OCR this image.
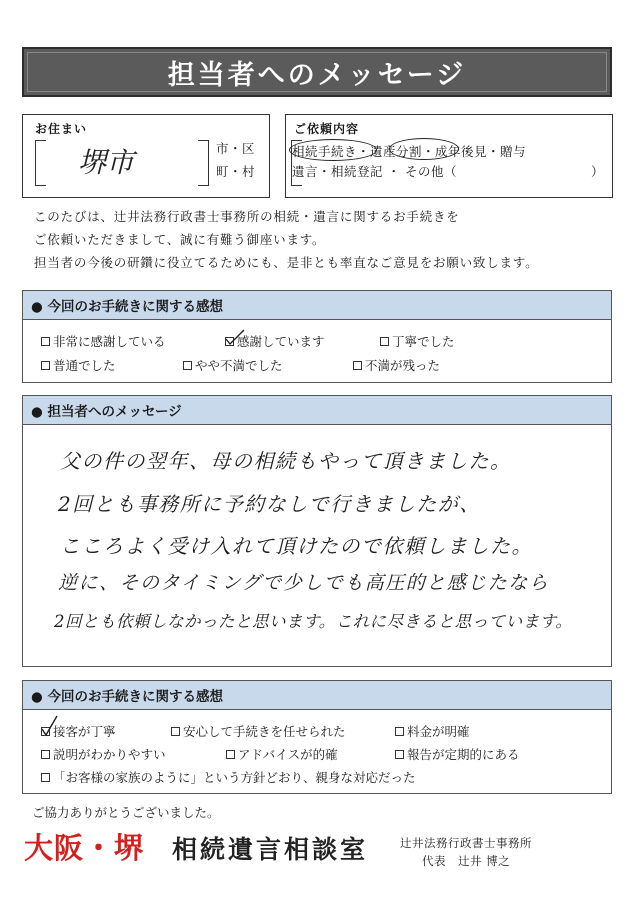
担当者へのメッセージ
お住まい
堺市	市・区
町・村
ご依頼内容
相続手続き・遺産分割・成年後見・贈与
遺言・相続登記 ・ その他（	）
このたびは、辻井法務行政書士事務所の相続・遺言に関するお手続きを
ご依頼いただきまして、誠に有難う御座います。
担当者の今後の研鑽に役立てるためにも、是非とも率直なご意見をお願い致します。
● 今回のお手続きに関する感想
非常に感謝している	感謝しています	丁寧でした
普通でした	やや不満でした	不満が残った
● 担当者へのメッセージ
父の件の翌年、母の相続もやって頂きました。
2回とも事務所に予約なしで行きましたが、
こころよく受け入れて頂けたので依頼しました。
逆に、そのタイミングで少しでも高圧的と感じたなら
2回とも依頼しなかったと思います。これに尽きると思っています。
● 今回のお手続きに関する感想
接客が丁寧	安心して手続きを任せられた	料金が明確
説明がわかりやすい	アドバイスが的確	報告が定期的にある
「お客様の家族のように」という方針どおり、親身な対応だった
ご協力ありがとうございました。
大阪・堺 相続遺言相談室	辻井法務行政書士事務所
代表　辻井 博之
